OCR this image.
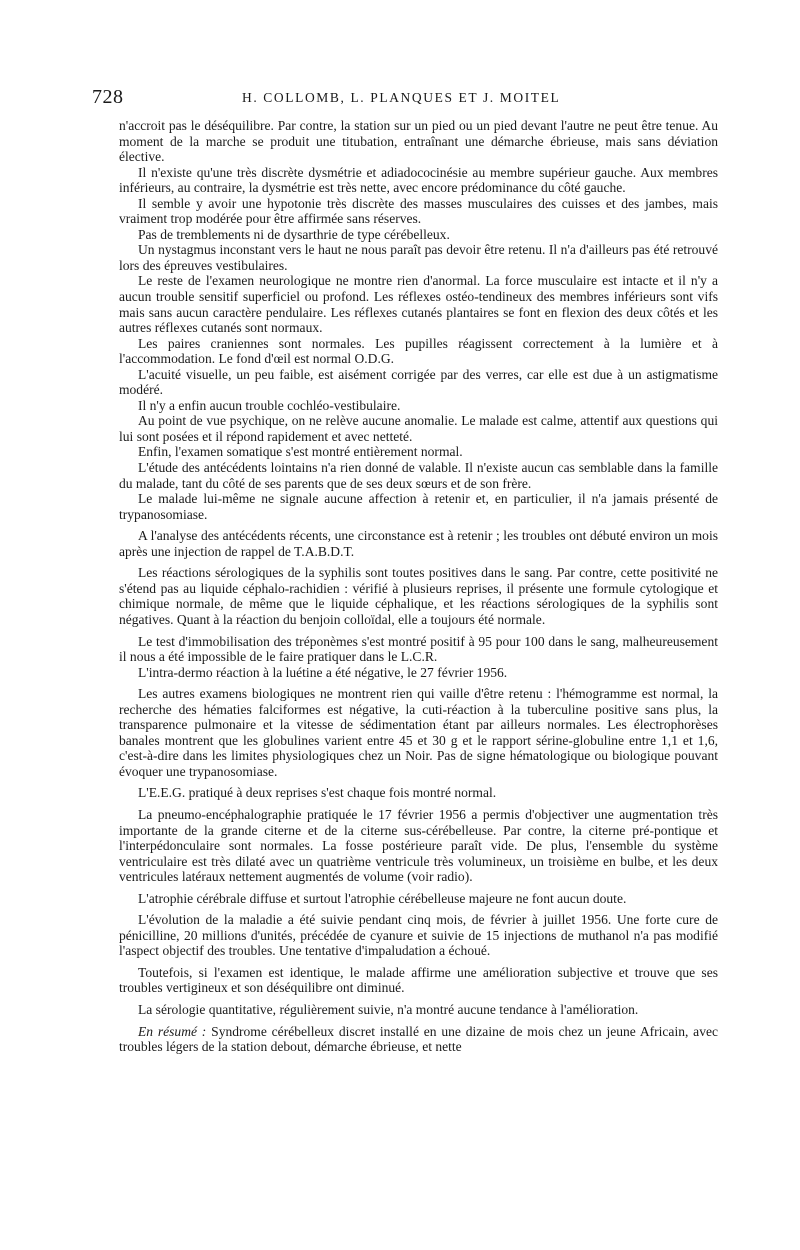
728	H. COLLOMB, L. PLANQUES ET J. MOITEL

n'accroit pas le déséquilibre. Par contre, la station sur un pied ou un pied devant l'autre ne peut être tenue. Au moment de la marche se produit une titubation, entraînant une démarche ébrieuse, mais sans déviation élective.

Il n'existe qu'une très discrète dysmétrie et adiadococinésie au membre supérieur gauche. Aux membres inférieurs, au contraire, la dysmétrie est très nette, avec encore prédominance du côté gauche.

Il semble y avoir une hypotonie très discrète des masses musculaires des cuisses et des jambes, mais vraiment trop modérée pour être affirmée sans réserves.

Pas de tremblements ni de dysarthrie de type cérébelleux.

Un nystagmus inconstant vers le haut ne nous paraît pas devoir être retenu. Il n'a d'ailleurs pas été retrouvé lors des épreuves vestibulaires.

Le reste de l'examen neurologique ne montre rien d'anormal. La force musculaire est intacte et il n'y a aucun trouble sensitif superficiel ou profond. Les réflexes ostéo-tendineux des membres inférieurs sont vifs mais sans aucun caractère pendulaire. Les réflexes cutanés plantaires se font en flexion des deux côtés et les autres réflexes cutanés sont normaux.

Les paires craniennes sont normales. Les pupilles réagissent correctement à la lumière et à l'accommodation. Le fond d'œil est normal O.D.G.

L'acuité visuelle, un peu faible, est aisément corrigée par des verres, car elle est due à un astigmatisme modéré.

Il n'y a enfin aucun trouble cochléo-vestibulaire.

Au point de vue psychique, on ne relève aucune anomalie. Le malade est calme, attentif aux questions qui lui sont posées et il répond rapidement et avec netteté.

Enfin, l'examen somatique s'est montré entièrement normal.

L'étude des antécédents lointains n'a rien donné de valable. Il n'existe aucun cas semblable dans la famille du malade, tant du côté de ses parents que de ses deux sœurs et de son frère.

Le malade lui-même ne signale aucune affection à retenir et, en particulier, il n'a jamais présenté de trypanosomiase.

A l'analyse des antécédents récents, une circonstance est à retenir ; les troubles ont débuté environ un mois après une injection de rappel de T.A.B.D.T.

Les réactions sérologiques de la syphilis sont toutes positives dans le sang. Par contre, cette positivité ne s'étend pas au liquide céphalo-rachidien : vérifié à plusieurs reprises, il présente une formule cytologique et chimique normale, de même que le liquide céphalique, et les réactions sérologiques de la syphilis sont négatives. Quant à la réaction du benjoin colloïdal, elle a toujours été normale.

Le test d'immobilisation des tréponèmes s'est montré positif à 95 pour 100 dans le sang, malheureusement il nous a été impossible de le faire pratiquer dans le L.C.R.

L'intra-dermo réaction à la luétine a été négative, le 27 février 1956.

Les autres examens biologiques ne montrent rien qui vaille d'être retenu : l'hémogramme est normal, la recherche des hématies falciformes est négative, la cuti-réaction à la tuberculine positive sans plus, la transparence pulmonaire et la vitesse de sédimentation étant par ailleurs normales. Les électrophorèses banales montrent que les globulines varient entre 45 et 30 g et le rapport sérine-globuline entre 1,1 et 1,6, c'est-à-dire dans les limites physiologiques chez un Noir. Pas de signe hématologique ou biologique pouvant évoquer une trypanosomiase.

L'E.E.G. pratiqué à deux reprises s'est chaque fois montré normal.

La pneumo-encéphalographie pratiquée le 17 février 1956 a permis d'objectiver une augmentation très importante de la grande citerne et de la citerne sus-cérébelleuse. Par contre, la citerne pré-pontique et l'interpédonculaire sont normales. La fosse postérieure paraît vide. De plus, l'ensemble du système ventriculaire est très dilaté avec un quatrième ventricule très volumineux, un troisième en bulbe, et les deux ventricules latéraux nettement augmentés de volume (voir radio).

L'atrophie cérébrale diffuse et surtout l'atrophie cérébelleuse majeure ne font aucun doute.

L'évolution de la maladie a été suivie pendant cinq mois, de février à juillet 1956. Une forte cure de pénicilline, 20 millions d'unités, précédée de cyanure et suivie de 15 injections de muthanol n'a pas modifié l'aspect objectif des troubles. Une tentative d'impaludation a échoué.

Toutefois, si l'examen est identique, le malade affirme une amélioration subjective et trouve que ses troubles vertigineux et son déséquilibre ont diminué.

La sérologie quantitative, régulièrement suivie, n'a montré aucune tendance à l'amélioration.

En résumé : Syndrome cérébelleux discret installé en une dizaine de mois chez un jeune Africain, avec troubles légers de la station debout, démarche ébrieuse, et nette
